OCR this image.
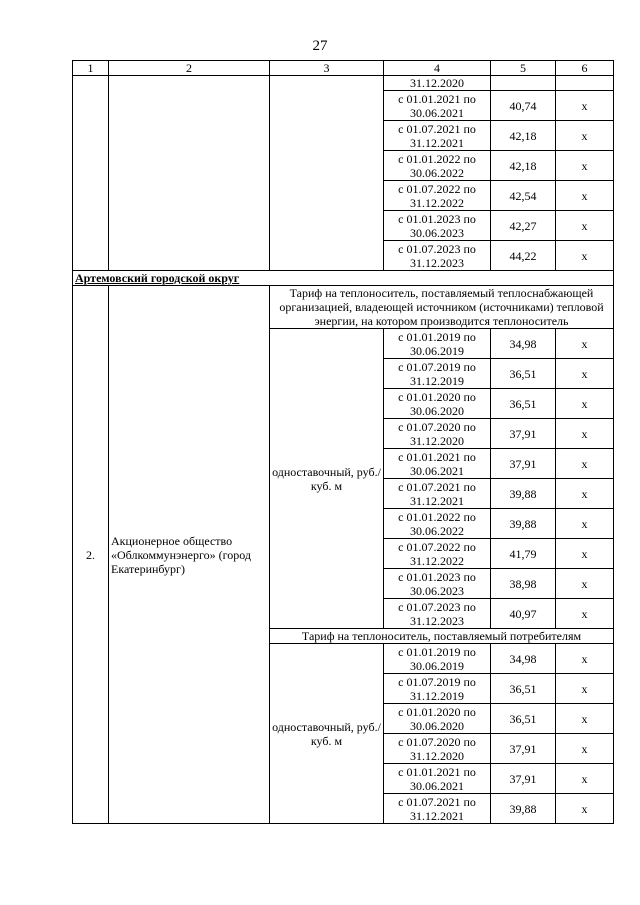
27
1	2	3	4	5	6
			31.12.2020		
			с 01.01.2021 по 30.06.2021	40,74	х
			с 01.07.2021 по 31.12.2021	42,18	х
			с 01.01.2022 по 30.06.2022	42,18	х
			с 01.07.2022 по 31.12.2022	42,54	х
			с 01.01.2023 по 30.06.2023	42,27	х
			с 01.07.2023 по 31.12.2023	44,22	х
Артемовский городской округ					
2.	Акционерное общество «Облкоммунэнерго» (город Екатеринбург)	Тариф на теплоноситель, поставляемый теплоснабжающей организацией, владеющей источником (источниками) тепловой энергии, на котором производится теплоноситель			
		одноставочный, руб./куб. м	с 01.01.2019 по 30.06.2019	34,98	х
			с 01.07.2019 по 31.12.2019	36,51	х
			с 01.01.2020 по 30.06.2020	36,51	х
			с 01.07.2020 по 31.12.2020	37,91	х
			с 01.01.2021 по 30.06.2021	37,91	х
			с 01.07.2021 по 31.12.2021	39,88	х
			с 01.01.2022 по 30.06.2022	39,88	х
			с 01.07.2022 по 31.12.2022	41,79	х
			с 01.01.2023 по 30.06.2023	38,98	х
			с 01.07.2023 по 31.12.2023	40,97	х
		Тариф на теплоноситель, поставляемый потребителям			
		одноставочный, руб./куб. м	с 01.01.2019 по 30.06.2019	34,98	х
			с 01.07.2019 по 31.12.2019	36,51	х
			с 01.01.2020 по 30.06.2020	36,51	х
			с 01.07.2020 по 31.12.2020	37,91	х
			с 01.01.2021 по 30.06.2021	37,91	х
			с 01.07.2021 по 31.12.2021	39,88	х
